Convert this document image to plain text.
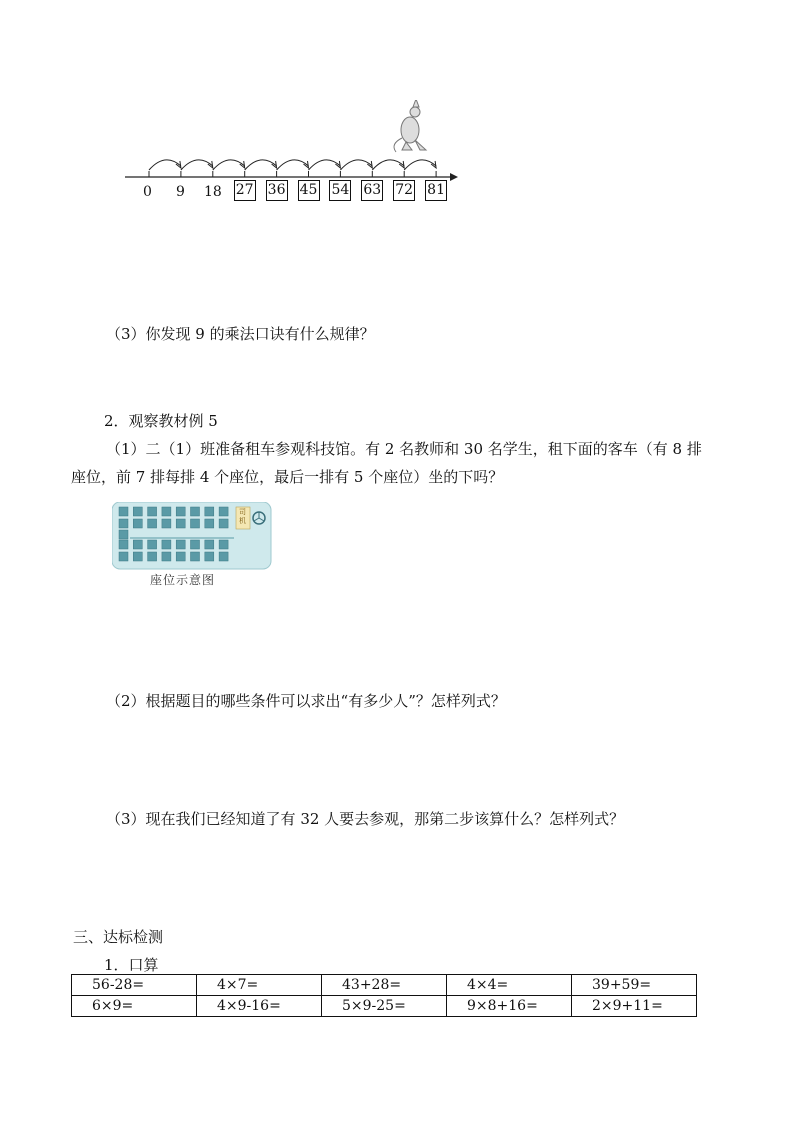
0 9 18 27 36 45 54 63 72 81
（3）你发现 9 的乘法口诀有什么规律？
2．观察教材例 5
（1）二（1）班准备租车参观科技馆。有 2 名教师和 30 名学生，租下面的客车（有 8 排
座位，前 7 排每排 4 个座位，最后一排有 5 个座位）坐的下吗？
司机
座位示意图
（2）根据题目的哪些条件可以求出“有多少人”？怎样列式？
（3）现在我们已经知道了有 32 人要去参观，那第二步该算什么？怎样列式？
三、达标检测
1．口算
56-28=	4×7=	43+28=	4×4=	39+59=
6×9=	4×9-16=	5×9-25=	9×8+16=	2×9+11=
